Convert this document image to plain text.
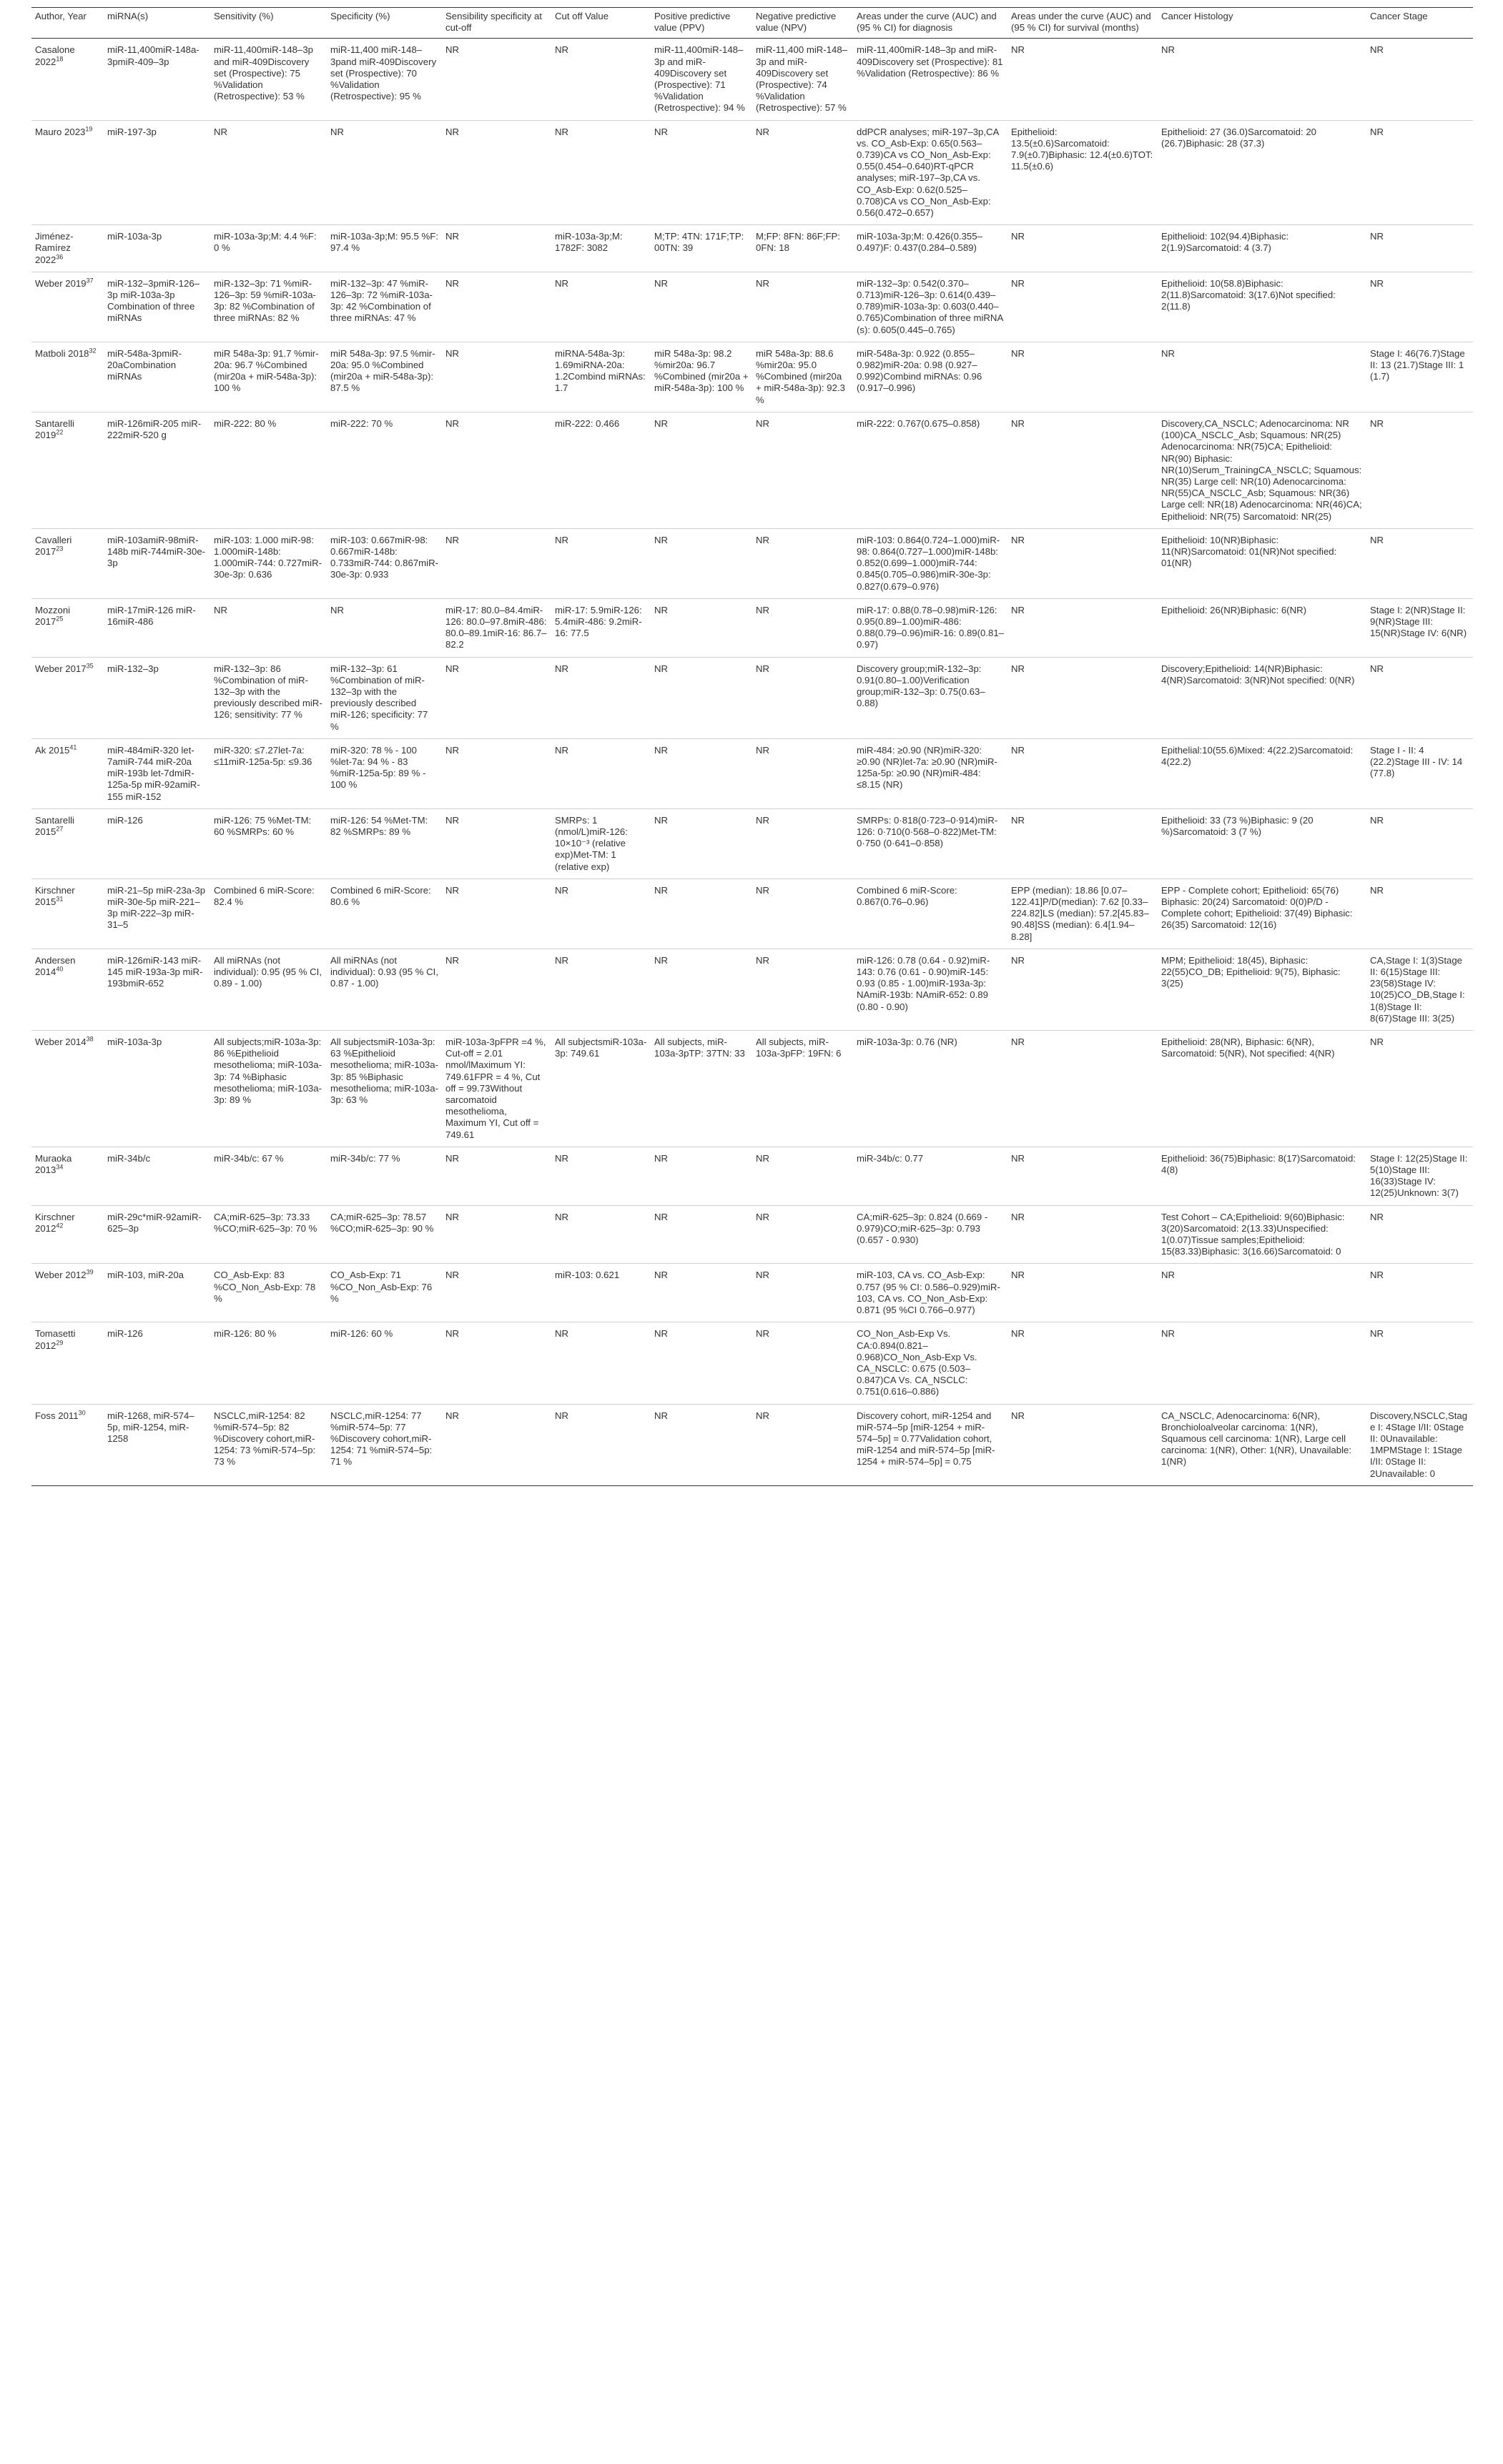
Author, Year	miRNA(s)	Sensitivity (%)	Specificity (%)	Sensibility specificity at cut-off	Cut off Value	Positive predictive value (PPV)	Negative predictive value (NPV)	Areas under the curve (AUC) and (95 % CI) for diagnosis	Areas under the curve (AUC) and (95 % CI) for survival (months)	Cancer Histology	Cancer Stage
Casalone 2022$^{18}$	miR-11,400miR-148a-3pmiR-409–3p	miR-11,400miR-148–3p and miR-409Discovery set (Prospective): 75 %Validation (Retrospective): 53 %	miR-11,400 miR-148–3pand miR-409Discovery set (Prospective): 70 %Validation (Retrospective): 95 %	NR	NR	miR-11,400miR-148–3p and miR-409Discovery set (Prospective): 71 %Validation (Retrospective): 94 %	miR-11,400 miR-148–3p and miR-409Discovery set (Prospective): 74 %Validation (Retrospective): 57 %	miR-11,400miR-148–3p and miR-409Discovery set (Prospective): 81 %Validation (Retrospective): 86 %	NR	NR	NR
Mauro 2023$^{19}$	miR-197-3p	NR	NR	NR	NR	NR	NR	ddPCR analyses; miR-197–3p,CA vs. CO_Asb-Exp: 0.65(0.563–0.739)CA vs CO_Non_Asb-Exp: 0.55(0.454–0.640)RT-qPCR analyses; miR-197–3p,CA vs. CO_Asb-Exp: 0.62(0.525–0.708)CA vs CO_Non_Asb-Exp: 0.56(0.472–0.657)	Epithelioid: 13.5(±0.6)Sarcomatoid: 7.9(±0.7)Biphasic: 12.4(±0.6)TOT: 11.5(±0.6)	Epithelioid: 27 (36.0)Sarcomatoid: 20 (26.7)Biphasic: 28 (37.3)	NR
Jiménez-Ramírez 2022$^{36}$	miR-103a-3p	miR-103a-3p;M: 4.4 %F: 0 %	miR-103a-3p;M: 95.5 %F: 97.4 %	NR	miR-103a-3p;M: 1782F: 3082	M;TP: 4TN: 171F;TP: 00TN: 39	M;FP: 8FN: 86F;FP: 0FN: 18	miR-103a-3p;M: 0.426(0.355–0.497)F: 0.437(0.284–0.589)	NR	Epithelioid: 102(94.4)Biphasic: 2(1.9)Sarcomatoid: 4 (3.7)	NR
Weber 2019$^{37}$	miR-132–3pmiR-126–3p miR-103a-3p Combination of three miRNAs	miR-132–3p: 71 %miR-126–3p: 59 %miR-103a-3p: 82 %Combination of three miRNAs: 82 %	miR-132–3p: 47 %miR-126–3p: 72 %miR-103a-3p: 42 %Combination of three miRNAs: 47 %	NR	NR	NR	NR	miR-132–3p: 0.542(0.370–0.713)miR-126–3p: 0.614(0.439–0.789)miR-103a-3p: 0.603(0.440–0.765)Combination of three miRNA (s): 0.605(0.445–0.765)	NR	Epithelioid: 10(58.8)Biphasic: 2(11.8)Sarcomatoid: 3(17.6)Not specified: 2(11.8)	NR
Matboli 2018$^{32}$	miR-548a-3pmiR-20aCombination miRNAs	miR 548a-3p: 91.7 %mir-20a: 96.7 %Combined (mir20a + miR-548a-3p): 100 %	miR 548a-3p: 97.5 %mir-20a: 95.0 %Combined (mir20a + miR-548a-3p): 87.5 %	NR	miRNA-548a-3p: 1.69miRNA-20a: 1.2Combind miRNAs: 1.7	miR 548a-3p: 98.2 %mir20a: 96.7 %Combined (mir20a + miR-548a-3p): 100 %	miR 548a-3p: 88.6 %mir20a: 95.0 %Combined (mir20a + miR-548a-3p): 92.3 %	miR-548a-3p: 0.922 (0.855–0.982)miR-20a: 0.98 (0.927–0.992)Combind miRNAs: 0.96 (0.917–0.996)	NR	NR	Stage I: 46(76.7)Stage II: 13 (21.7)Stage III: 1 (1.7)
Santarelli 2019$^{22}$	miR-126miR-205 miR-222miR-520 g	miR-222: 80 %	miR-222: 70 %	NR	miR-222: 0.466	NR	NR	miR-222: 0.767(0.675–0.858)	NR	Discovery,CA_NSCLC; Adenocarcinoma: NR (100)CA_NSCLC_Asb; Squamous: NR(25) Adenocarcinoma: NR(75)CA; Epithelioid: NR(90) Biphasic: NR(10)Serum_TrainingCA_NSCLC; Squamous: NR(35) Large cell: NR(10) Adenocarcinoma: NR(55)CA_NSCLC_Asb; Squamous: NR(36) Large cell: NR(18) Adenocarcinoma: NR(46)CA; Epithelioid: NR(75) Sarcomatoid: NR(25)	NR
Cavalleri 2017$^{23}$	miR-103amiR-98miR-148b miR-744miR-30e-3p	miR-103: 1.000 miR-98: 1.000miR-148b: 1.000miR-744: 0.727miR-30e-3p: 0.636	miR-103: 0.667miR-98: 0.667miR-148b: 0.733miR-744: 0.867miR-30e-3p: 0.933	NR	NR	NR	NR	miR-103: 0.864(0.724–1.000)miR-98: 0.864(0.727–1.000)miR-148b: 0.852(0.699–1.000)miR-744: 0.845(0.705–0.986)miR-30e-3p: 0.827(0.679–0.976)	NR	Epithelioid: 10(NR)Biphasic: 11(NR)Sarcomatoid: 01(NR)Not specified: 01(NR)	NR
Mozzoni 2017$^{25}$	miR-17miR-126 miR-16miR-486	NR	NR	miR-17: 80.0–84.4miR-126: 80.0–97.8miR-486: 80.0–89.1miR-16: 86.7–82.2	miR-17: 5.9miR-126: 5.4miR-486: 9.2miR-16: 77.5	NR	NR	miR-17: 0.88(0.78–0.98)miR-126: 0.95(0.89–1.00)miR-486: 0.88(0.79–0.96)miR-16: 0.89(0.81–0.97)	NR	Epithelioid: 26(NR)Biphasic: 6(NR)	Stage I: 2(NR)Stage II: 9(NR)Stage III: 15(NR)Stage IV: 6(NR)
Weber 2017$^{35}$	miR-132–3p	miR-132–3p: 86 %Combination of miR-132–3p with the previously described miR-126; sensitivity: 77 %	miR-132–3p: 61 %Combination of miR-132–3p with the previously described miR-126; specificity: 77 %	NR	NR	NR	NR	Discovery group;miR-132–3p: 0.91(0.80–1.00)Verification group;miR-132–3p: 0.75(0.63–0.88)	NR	Discovery;Epithelioid: 14(NR)Biphasic: 4(NR)Sarcomatoid: 3(NR)Not specified: 0(NR)	NR
Ak 2015$^{41}$	miR-484miR-320 let-7amiR-744 miR-20a miR-193b let-7dmiR-125a-5p miR-92amiR-155 miR-152	miR-320: ≤7.27let-7a: ≤11miR-125a-5p: ≤9.36	miR-320: 78 % - 100 %let-7a: 94 % - 83 %miR-125a-5p: 89 % - 100 %	NR	NR	NR	NR	miR-484: ≥0.90 (NR)miR-320: ≥0.90 (NR)let-7a: ≥0.90 (NR)miR-125a-5p: ≥0.90 (NR)miR-484: ≤8.15 (NR)	NR	Epithelial:10(55.6)Mixed: 4(22.2)Sarcomatoid: 4(22.2)	Stage I - II: 4 (22.2)Stage III - IV: 14 (77.8)
Santarelli 2015$^{27}$	miR-126	miR-126: 75 %Met-TM: 60 %SMRPs: 60 %	miR-126: 54 %Met-TM: 82 %SMRPs: 89 %	NR	SMRPs: 1 (nmol/L)miR-126: 10×10⁻³ (relative exp)Met-TM: 1 (relative exp)	NR	NR	SMRPs: 0·818(0·723–0·914)miR-126: 0·710(0·568–0·822)Met-TM: 0·750 (0·641–0·858)	NR	Epithelioid: 33 (73 %)Biphasic: 9 (20 %)Sarcomatoid: 3 (7 %)	NR
Kirschner 2015$^{31}$	miR-21–5p miR-23a-3p miR-30e-5p miR-221–3p miR-222–3p miR-31–5	Combined 6 miR-Score: 82.4 %	Combined 6 miR-Score: 80.6 %	NR	NR	NR	NR	Combined 6 miR-Score: 0.867(0.76–0.96)	EPP (median): 18.86 [0.07–122.41]P/D(median): 7.62 [0.33–224.82]LS (median): 57.2[45.83–90.48]SS (median): 6.4[1.94–8.28]	EPP - Complete cohort; Epithelioid: 65(76) Biphasic: 20(24) Sarcomatoid: 0(0)P/D - Complete cohort; Epithelioid: 37(49) Biphasic: 26(35) Sarcomatoid: 12(16)	NR
Andersen 2014$^{40}$	miR-126miR-143 miR-145 miR-193a-3p miR-193bmiR-652	All miRNAs (not individual): 0.95 (95 % CI, 0.89 - 1.00)	All miRNAs (not individual): 0.93 (95 % CI, 0.87 - 1.00)	NR	NR	NR	NR	miR-126: 0.78 (0.64 - 0.92)miR-143: 0.76 (0.61 - 0.90)miR-145: 0.93 (0.85 - 1.00)miR-193a-3p: NAmiR-193b: NAmiR-652: 0.89 (0.80 - 0.90)	NR	MPM; Epithelioid: 18(45), Biphasic: 22(55)CO_DB; Epithelioid: 9(75), Biphasic: 3(25)	CA,Stage I: 1(3)Stage II: 6(15)Stage III: 23(58)Stage IV: 10(25)CO_DB,Stage I: 1(8)Stage II: 8(67)Stage III: 3(25)
Weber 2014$^{38}$	miR-103a-3p	All subjects;miR-103a-3p: 86 %Epithelioid mesothelioma; miR-103a-3p: 74 %Biphasic mesothelioma; miR-103a-3p: 89 %	All subjectsmiR-103a-3p: 63 %Epithelioid mesothelioma; miR-103a-3p: 85 %Biphasic mesothelioma; miR-103a-3p: 63 %	miR-103a-3pFPR =4 %, Cut-off = 2.01 nmol/lMaximum YI: 749.61FPR = 4 %, Cut off = 99.73Without sarcomatoid mesothelioma, Maximum YI, Cut off = 749.61	All subjectsmiR-103a-3p: 749.61	All subjects, miR-103a-3pTP: 37TN: 33	All subjects, miR-103a-3pFP: 19FN: 6	miR-103a-3p: 0.76 (NR)	NR	Epithelioid: 28(NR), Biphasic: 6(NR), Sarcomatoid: 5(NR), Not specified: 4(NR)	NR
Muraoka 2013$^{34}$	miR-34b/c	miR-34b/c: 67 %	miR-34b/c: 77 %	NR	NR	NR	NR	miR-34b/c: 0.77	NR	Epithelioid: 36(75)Biphasic: 8(17)Sarcomatoid: 4(8)	Stage I: 12(25)Stage II: 5(10)Stage III: 16(33)Stage IV: 12(25)Unknown: 3(7)
Kirschner 2012$^{42}$	miR-29c*miR-92amiR-625–3p	CA;miR-625–3p: 73.33 %CO;miR-625–3p: 70 %	CA;miR-625–3p: 78.57 %CO;miR-625–3p: 90 %	NR	NR	NR	NR	CA;miR-625–3p: 0.824 (0.669 - 0.979)CO;miR-625–3p: 0.793 (0.657 - 0.930)	NR	Test Cohort – CA;Epithelioid: 9(60)Biphasic: 3(20)Sarcomatoid: 2(13.33)Unspecified: 1(0.07)Tissue samples;Epithelioid: 15(83.33)Biphasic: 3(16.66)Sarcomatoid: 0	NR
Weber 2012$^{39}$	miR-103, miR-20a	CO_Asb-Exp: 83 %CO_Non_Asb-Exp: 78 %	CO_Asb-Exp: 71 %CO_Non_Asb-Exp: 76 %	NR	miR-103: 0.621	NR	NR	miR-103, CA vs. CO_Asb-Exp: 0.757 (95 % CI: 0.586–0.929)miR-103, CA vs. CO_Non_Asb-Exp: 0.871 (95 %CI 0.766–0.977)	NR	NR	NR
Tomasetti 2012$^{29}$	miR-126	miR-126: 80 %	miR-126: 60 %	NR	NR	NR	NR	CO_Non_Asb-Exp Vs. CA:0.894(0.821–0.968)CO_Non_Asb-Exp Vs. CA_NSCLC: 0.675 (0.503–0.847)CA Vs. CA_NSCLC: 0.751(0.616–0.886)	NR	NR	NR
Foss 2011$^{30}$	miR-1268, miR-574–5p, miR-1254, miR-1258	NSCLC,miR-1254: 82 %miR-574–5p: 82 %Discovery cohort,miR-1254: 73 %miR-574–5p: 73 %	NSCLC,miR-1254: 77 %miR-574–5p: 77 %Discovery cohort,miR-1254: 71 %miR-574–5p: 71 %	NR	NR	NR	NR	Discovery cohort, miR-1254 and miR-574–5p [miR-1254 + miR-574–5p] = 0.77Validation cohort, miR-1254 and miR-574–5p [miR-1254 + miR-574–5p] = 0.75	NR	CA_NSCLC, Adenocarcinoma: 6(NR), Bronchioloalveolar carcinoma: 1(NR), Squamous cell carcinoma: 1(NR), Large cell carcinoma: 1(NR), Other: 1(NR), Unavailable: 1(NR)	Discovery,NSCLC,Stage I: 4Stage I/II: 0Stage II: 0Unavailable: 1MPMStage I: 1Stage I/II: 0Stage II: 2Unavailable: 0
